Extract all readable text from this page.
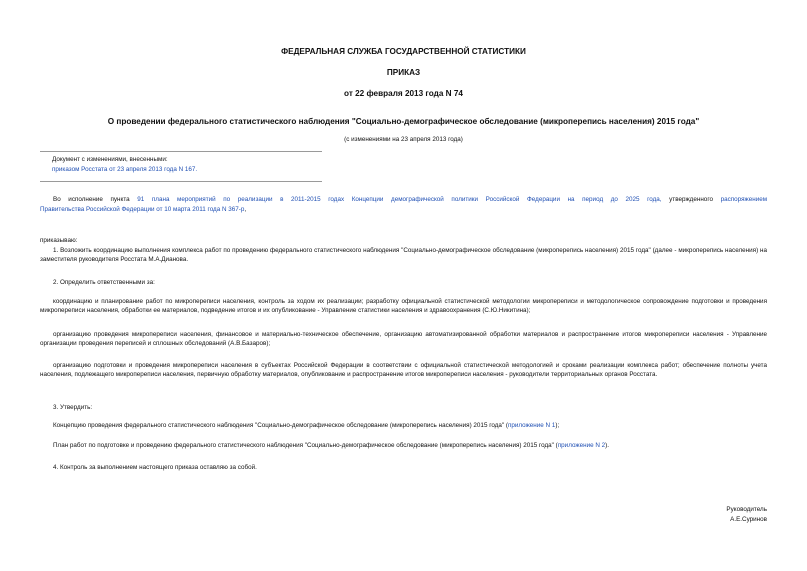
ФЕДЕРАЛЬНАЯ СЛУЖБА ГОСУДАРСТВЕННОЙ СТАТИСТИКИ
ПРИКАЗ
от 22 февраля 2013 года N 74
О проведении федерального статистического наблюдения "Социально-демографическое обследование (микроперепись населения) 2015 года"
(с изменениями на 23 апреля 2013 года)
Документ с изменениями, внесенными:
приказом Росстата от 23 апреля 2013 года N 167.
Во исполнение пункта 91 плана мероприятий по реализации в 2011-2015 годах Концепции демографической политики Российской Федерации на период до 2025 года, утвержденного распоряжением
Правительства Российской Федерации от 10 марта 2011 года N 367-р,
приказываю:
1. Возложить координацию выполнения комплекса работ по проведению федерального статистического наблюдения "Социально-демографическое обследование (микроперепись населения) 2015 года" (далее - микроперепись населения) на заместителя руководителя Росстата М.А.Дианова.
2. Определить ответственными за:
координацию и планирование работ по микропереписи населения, контроль за ходом их реализации; разработку официальной статистической методологии микропереписи и методологическое сопровождение подготовки и проведения микропереписи населения, обработки ее материалов, подведение итогов и их опубликование - Управление статистики населения и здравоохранения (С.Ю.Никитина);
организацию проведения микропереписи населения, финансовое и материально-техническое обеспечение, организацию автоматизированной обработки материалов и распространение итогов микропереписи населения - Управление организации проведения переписей и сплошных обследований (А.В.Базаров);
организацию подготовки и проведения микропереписи населения в субъектах Российской Федерации в соответствии с официальной статистической методологией и сроками реализации комплекса работ; обеспечение полноты учета населения, подлежащего микропереписи населения, первичную обработку материалов, опубликование и распространение итогов микропереписи населения - руководители территориальных органов Росстата.
3. Утвердить:
Концепцию проведения федерального статистического наблюдения "Социально-демографическое обследование (микроперепись населения) 2015 года" (приложение N 1);
План работ по подготовке и проведению федерального статистического наблюдения "Социально-демографическое обследование (микроперепись населения) 2015 года" (приложение N 2).
4. Контроль за выполнением настоящего приказа оставляю за собой.
Руководитель
А.Е.Суринов
